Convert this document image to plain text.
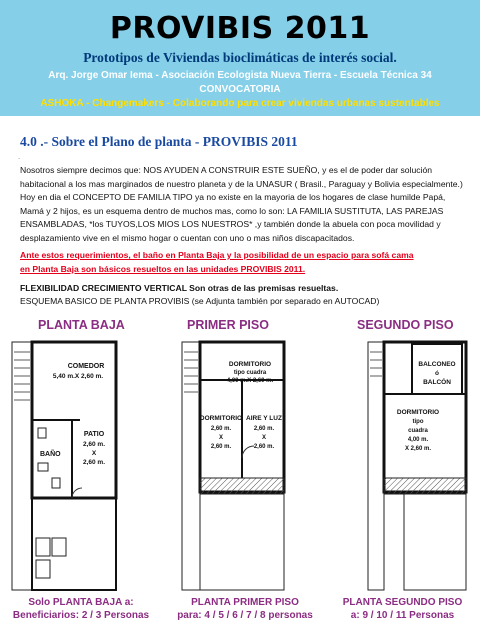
PROVIBIS 2011
Prototipos de Viviendas bioclimáticas de interés social.
Arq. Jorge Omar Iema - Asociación Ecologista Nueva Tierra - Escuela Técnica 34
CONVOCATORIA
ASHOKA - Changemakers - Colaborando para crear viviendas urbanas sustentables
4.0 .- Sobre el Plano de planta - PROVIBIS 2011
.
Nosotros siempre decimos que: NOS AYUDEN A CONSTRUIR ESTE SUEÑO, y es el de poder dar solución
habitacional a los mas marginados de nuestro planeta y de la UNASUR ( Brasil., Paraguay y Bolivia especialmente.)
Hoy en dia el CONCEPTO DE FAMILIA TIPO ya no existe en la mayoria de los hogares de clase humilde Papá,
Mamá y 2 hijos, es un esquema dentro de muchos mas, como lo son: LA FAMILIA SUSTITUTA, LAS PAREJAS
ENSAMBLADAS, *los TUYOS,LOS MIOS LOS NUESTROS* ,y también donde la abuela con poca movilidad y
desplazamiento vive en el mismo hogar o cuentan con uno o mas niños discapacitados.
Ante estos requerimientos, el baño en Planta Baja y la posibilidad de un espacio para sofá cama
en Planta Baja son básicos resueltos en las unidades PROVIBIS 2011.
FLEXIBILIDAD CRECIMIENTO VERTICAL Son otras de las premisas resueltas.
ESQUEMA BASICO DE PLANTA PROVIBIS (se Adjunta también por separado en AUTOCAD)
PLANTA BAJA	PRIMER PISO	SEGUNDO PISO
COMEDOR
5,40 m.X 2,60 m.
PATIO
2,60 m.
X
2,60 m.
BAÑO
DORMITORIO
tipo cuadra
4,00 m.X 2,60 m.
DORMITORIO
2,60 m.
X
2,60 m.
AIRE Y LUZ
2,60 m.
X
2,60 m.
BALCONEO
ó
BALCÓN
DORMITORIO
tipo
cuadra
4,00 m.
X 2,60 m.
Solo PLANTA BAJA a:
Beneficiarios: 2 / 3 Personas
PLANTA PRIMER PISO
para: 4 / 5 / 6 / 7 / 8 personas
PLANTA SEGUNDO PISO
a: 9 / 10 / 11 Personas
